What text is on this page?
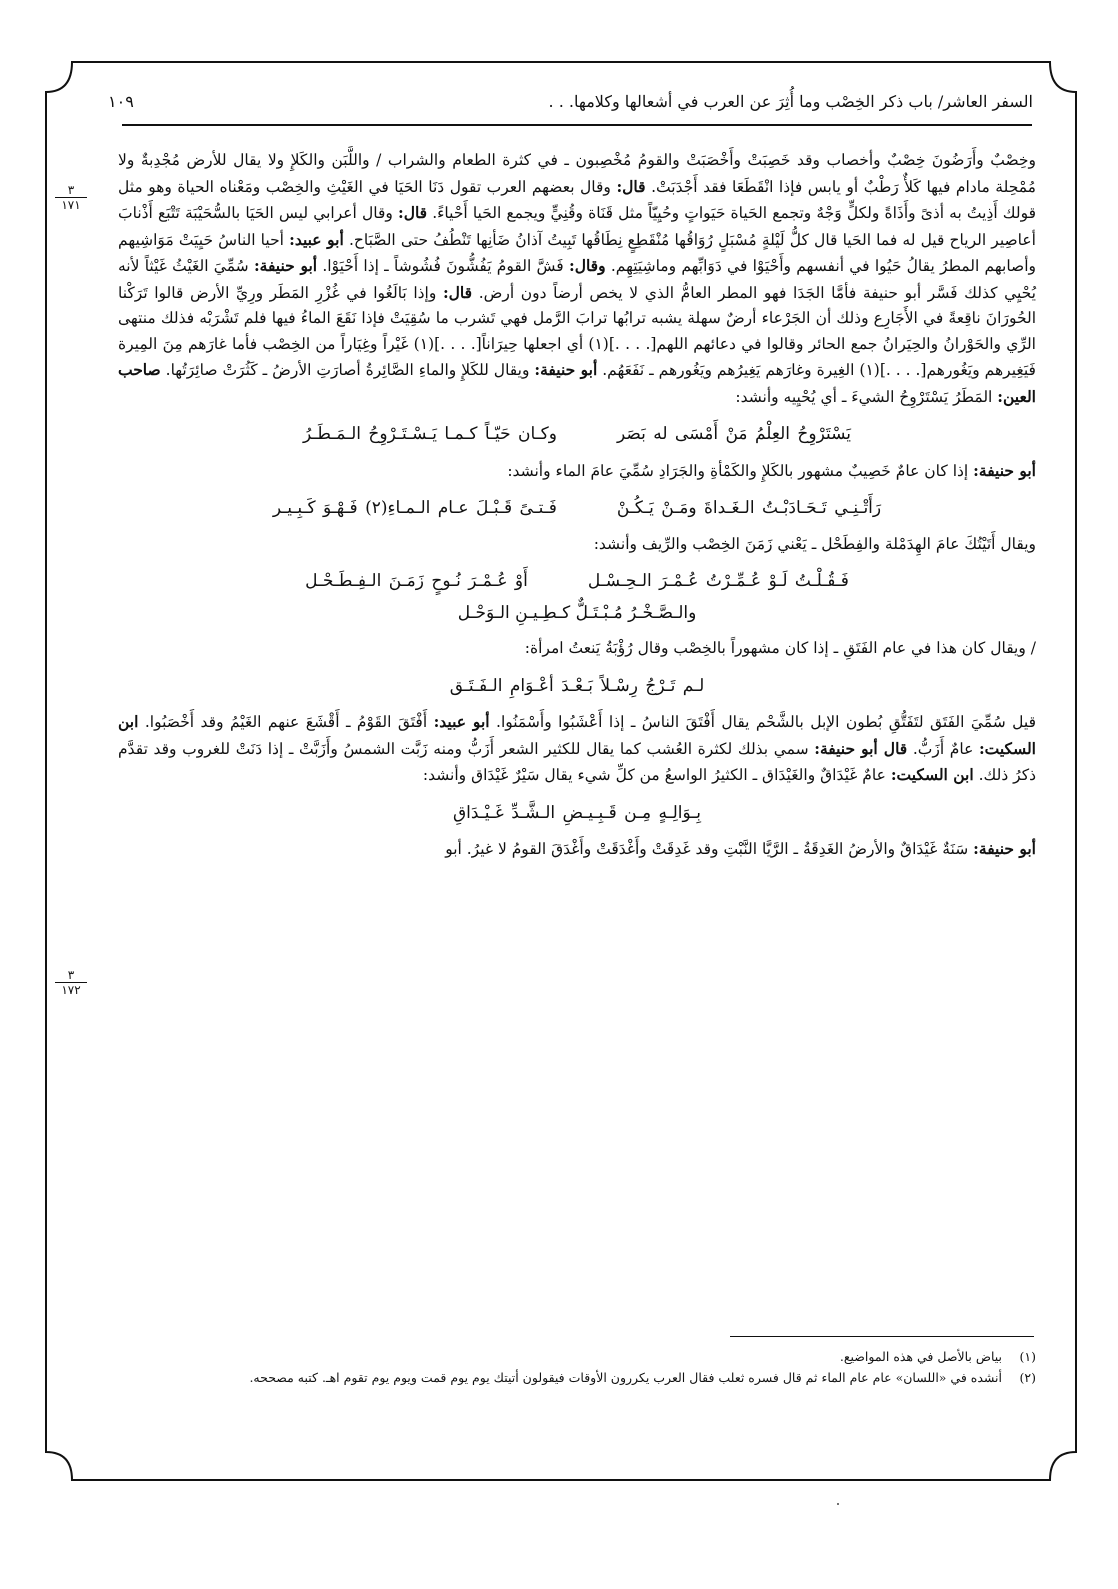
السفر العاشر/ باب ذكر الخِصْب وما أُثِرَ عن العرب في أشعالها وكلامها. . .
١٠٩
٣
١٧١
٣
١٧٢

وخِصْبٌ وأَرَضُونَ خِصْبٌ وأخصاب وقد خَصِبَتْ وأَخْصَبَتْ والقومُ مُخْصِبون ـ في كثرة الطعام والشراب / واللَّبَن والكَلإِ ولا يقال للأرض مُجْدِبةٌ ولا مُمْحِلة مادام فيها كَلأٌ رَطْبٌ أو يابس فإذا انْقَطَعَا فقد أَجْدَبَتْ. قال: وقال بعضهم العرب تقول دَنَا الحَيَا في الغَيْثِ والخِصْب ومَعْناه الحياة وهو مثل قولك أَذِيتُ به أذىً وأَذَاةً ولكلٍّ وَجْهٌ وتجمع الحَياة حَيَواتٍ وحُيِيّاً مثل قَنَاة وقُنِيٍّ ويجمع الحَيا أَحْياءً. قال: وقال أعرابي ليس الحَيَا بالسُّحَيْبَة تَتْبَع أَذْنابَ أعاصِير الرياح قيل له فما الحَيا قال كلُّ لَيْلةٍ مُسْبَلٍ رُوَاقُها مُنْقَطِعٍ نِطَاقُها تَبِيتُ آذانُ ضَأنِها تَنْطُفُ حتى الصَّبَاح. أبو عبيد: أحيا الناسُ حَيِيَتْ مَوَاشِيهم وأصابهم المطرُ يقالُ حَيُوا في أنفسهم وأَحْيَوْا في دَوَابِّهم وماشِيَتِهِم. وقال: فَشَّ القومُ يَفُشُّونَ فُشُوشاً ـ إذا أَحْيَوْا. أبو حنيفة: سُمِّيَ الغَيْثُ غَيْثاً لأنه يُحْيِي كذلك فَسَّر أبو حنيفة فأمَّا الجَدَا فهو المطر العامُّ الذي لا يخص أرضاً دون أرض. قال: وإذا بَالَغُوا في غُزْرِ المَطَر ورِيِّ الأرض قالوا تَرَكْنا الحُورَانَ ناقِعةً في الأَجَارِع وذلك أن الجَرْعاء أرضٌ سهلة يشبه ترابُها ترابَ الرَّمل فهي تَشرب ما سُقِيَتْ فإذا نَقَعَ الماءُ فيها فلم تَشْرَبْه فذلك منتهى الرِّي والحَوْرانُ والحِيَرانُ جمع الحائر وقالوا في دعائهم اللهم[. . . .](١) أي اجعلها حِيرَاناً[. . . .](١) غَيْراً وغِيَاراً من الخِصْب فأما غارَهم مِنَ المِيرة فَيَغِيرهم ويَغُورهم[. . . .](١) الغِيرة وغارَهم يَغِيرُهم ويَغُورهم ـ نَفَعَهُم. أبو حنيفة: ويقال للكَلإِ والماءِ الصَّائِرةُ أصارَتِ الأرضُ ـ كَثُرَتْ صائِرَتُها. صاحب العين: المَطَرُ يَسْتَرْوِحُ الشيءَ ـ أي يُحْيِيه وأنشد:

يَسْتَرْوِحُ العِلْمُ مَنْ أَمْسَى له بَصَروكـان حَيّـاً كـمـا يَـسْـتَـرْوِحُ الـمَـطَـرُ

أبو حنيفة: إذا كان عامٌ خَصِيبٌ مشهور بالكَلإِ والكَمْأةِ والجَرَادِ سُمِّيَ عامَ الماء وأنشد:

رَأَتْـنِـي تَـحَـادَبْـتُ الـغَـداةَ ومَـنْ يَـكُـنْفَـتـىً قَـبْـلَ عـام الـمـاءِ(٢) فَـهْـوَ كَـبِـيـر

ويقال أَتَيْتُكَ عامَ الهِدَمْلة والفِطَحْل ـ يَعْني زَمَنَ الخِصْب والرِّيف وأنشد:

فَـقُـلْـتُ لَـوْ عُـمِّـرْتُ عُـمْـرَ الـحِـسْـلأَوْ عُـمْـرَ نُـوحٍ زَمَـنَ الـفِـطَـحْـل
والـصَّـخْـرُ مُـبْـتَـلٌّ كـطِـيـنِ الـوَحْـل

/ ويقال كان هذا في عام الفَتَقِ ـ إذا كان مشهوراً بالخِصْب وقال رُؤْبَةُ يَنعتُ امرأة:

لـم تَـرْجُ رِسْـلاً بَـعْـدَ أعْـوَامِ الـفَـتَـق

قيل سُمِّيَ الفَتَق لتَفَتُّقِ بُطون الإبل بالشَّحْم يقال أَفْتَقَ الناسُ ـ إذا أَعْشَبُوا وأَسْمَنُوا. أبو عبيد: أَفْتَقَ القَوْمُ ـ أَقْشَعَ عنهم الغَيْمُ وقد أَخْصَبُوا. ابن السكيت: عامٌ أَزَبُّ. قال أبو حنيفة: سمي بذلك لكثرة العُشب كما يقال للكثير الشعر أَزَبُّ ومنه زَبَّت الشمسُ وأَزَبَّتْ ـ إذا دَنَتْ للغروب وقد تقدَّم ذكرُ ذلك. ابن السكيت: عامٌ غَيْدَاقٌ والغَيْدَاق ـ الكثيرُ الواسعُ من كلِّ شيء يقال سَيْرٌ غَيْدَاق وأنشد:

بِـوَالِـهٍ مِـن قَـبِـيـضِ الـشَّـدِّ غَـيْـدَاقِ

أبو حنيفة: سَنَةٌ غَيْدَاقٌ والأرضُ الغَدِقَةُ ـ الرَّيَّا النَّبْتِ وقد غَدِقَتْ وأَغْدَقَتْ وأَغْدَقَ القومُ لا غيرُ. أبو

(١)
بياض بالأصل في هذه المواضيع.
(٢)
أنشده في «اللسان» عام عام الماء ثم قال فسره ثعلب فقال العرب يكررون الأوقات فيقولون أتيتك يوم يوم قمت ويوم يوم تقوم اهـ. كتبه مصححه.
